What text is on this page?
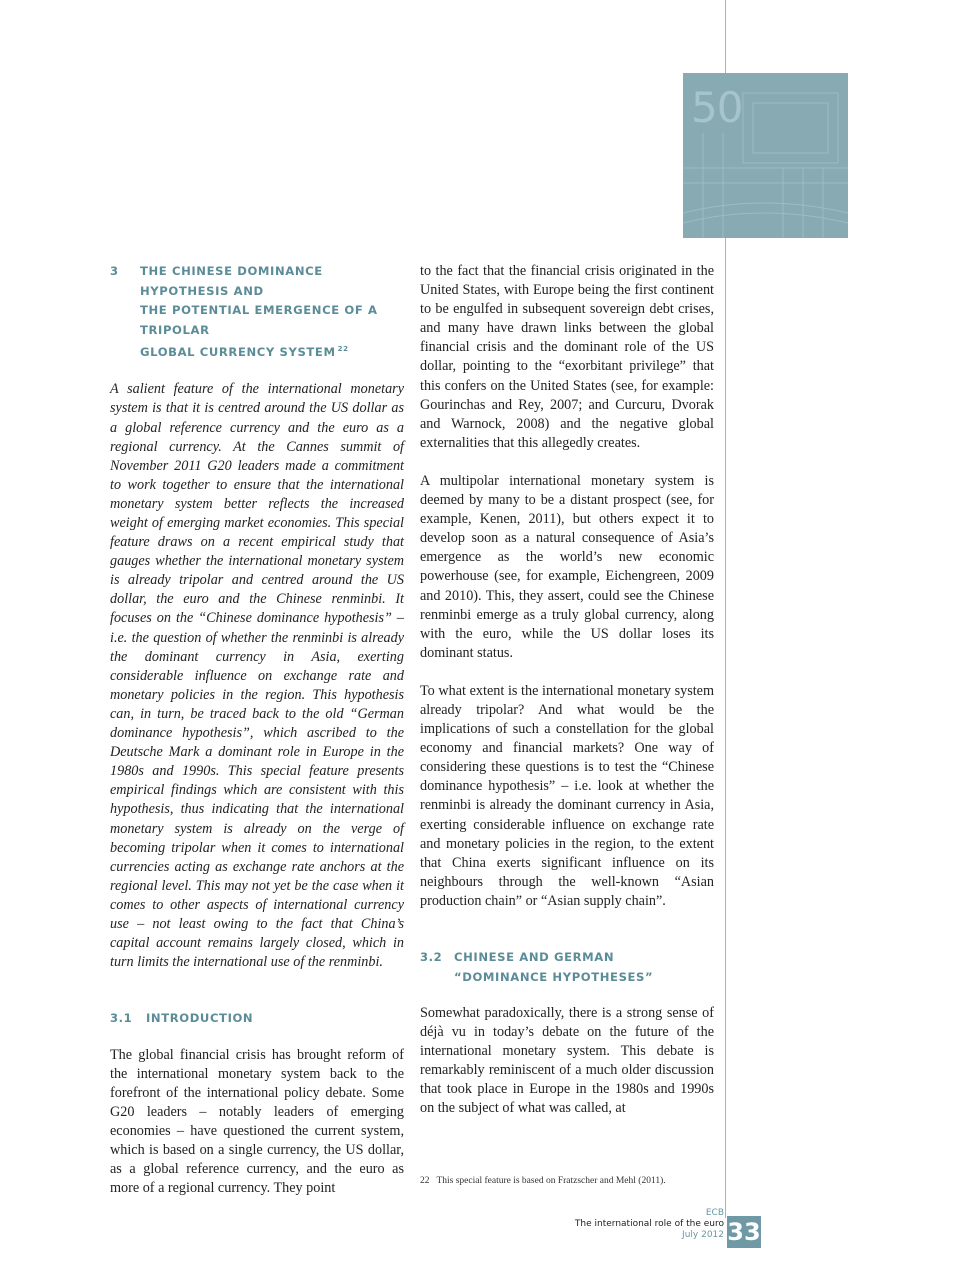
50
3	THE CHINESE DOMINANCE HYPOTHESIS AND
THE POTENTIAL EMERGENCE OF A TRIPOLAR
GLOBAL CURRENCY SYSTEM $^{22}$

A salient feature of the international monetary system is that it is centred around the US dollar as a global reference currency and the euro as a regional currency. At the Cannes summit of November 2011 G20 leaders made a commitment to work together to ensure that the international monetary system better reflects the increased weight of emerging market economies. This special feature draws on a recent empirical study that gauges whether the international monetary system is already tripolar and centred around the US dollar, the euro and the Chinese renminbi. It focuses on the “Chinese dominance hypothesis” – i.e. the question of whether the renminbi is already the dominant currency in Asia, exerting considerable influence on exchange rate and monetary policies in the region. This hypothesis can, in turn, be traced back to the old “German dominance hypothesis”, which ascribed to the Deutsche Mark a dominant role in Europe in the 1980s and 1990s. This special feature presents empirical findings which are consistent with this hypothesis, thus indicating that the international monetary system is already on the verge of becoming tripolar when it comes to international currencies acting as exchange rate anchors at the regional level. This may not yet be the case when it comes to other aspects of international currency use – not least owing to the fact that China’s capital account remains largely closed, which in turn limits the international use of the renminbi.

3.1	INTRODUCTION

The global financial crisis has brought reform of the international monetary system back to the forefront of the international policy debate. Some G20 leaders – notably leaders of emerging economies – have questioned the current system, which is based on a single currency, the US dollar, as a global reference currency, and the euro as more of a regional currency. They point

to the fact that the financial crisis originated in the United States, with Europe being the first continent to be engulfed in subsequent sovereign debt crises, and many have drawn links between the global financial crisis and the dominant role of the US dollar, pointing to the “exorbitant privilege” that this confers on the United States (see, for example: Gourinchas and Rey, 2007; and Curcuru, Dvorak and Warnock, 2008) and the negative global externalities that this allegedly creates.

A multipolar international monetary system is deemed by many to be a distant prospect (see, for example, Kenen, 2011), but others expect it to develop soon as a natural consequence of Asia’s emergence as the world’s new economic powerhouse (see, for example, Eichengreen, 2009 and 2010). This, they assert, could see the Chinese renminbi emerge as a truly global currency, along with the euro, while the US dollar loses its dominant status.

To what extent is the international monetary system already tripolar? And what would be the implications of such a constellation for the global economy and financial markets? One way of considering these questions is to test the “Chinese dominance hypothesis” – i.e. look at whether the renminbi is already the dominant currency in Asia, exerting considerable influence on exchange rate and monetary policies in the region, to the extent that China exerts significant influence on its neighbours through the well-known “Asian production chain” or “Asian supply chain”.

3.2	CHINESE AND GERMAN
“DOMINANCE HYPOTHESES”

Somewhat paradoxically, there is a strong sense of déjà vu in today’s debate on the future of the international monetary system. This debate is remarkably reminiscent of a much older discussion that took place in Europe in the 1980s and 1990s on the subject of what was called, at

22 This special feature is based on Fratzscher and Mehl (2011).
ECB
The international role of the euro
July 2012 33
